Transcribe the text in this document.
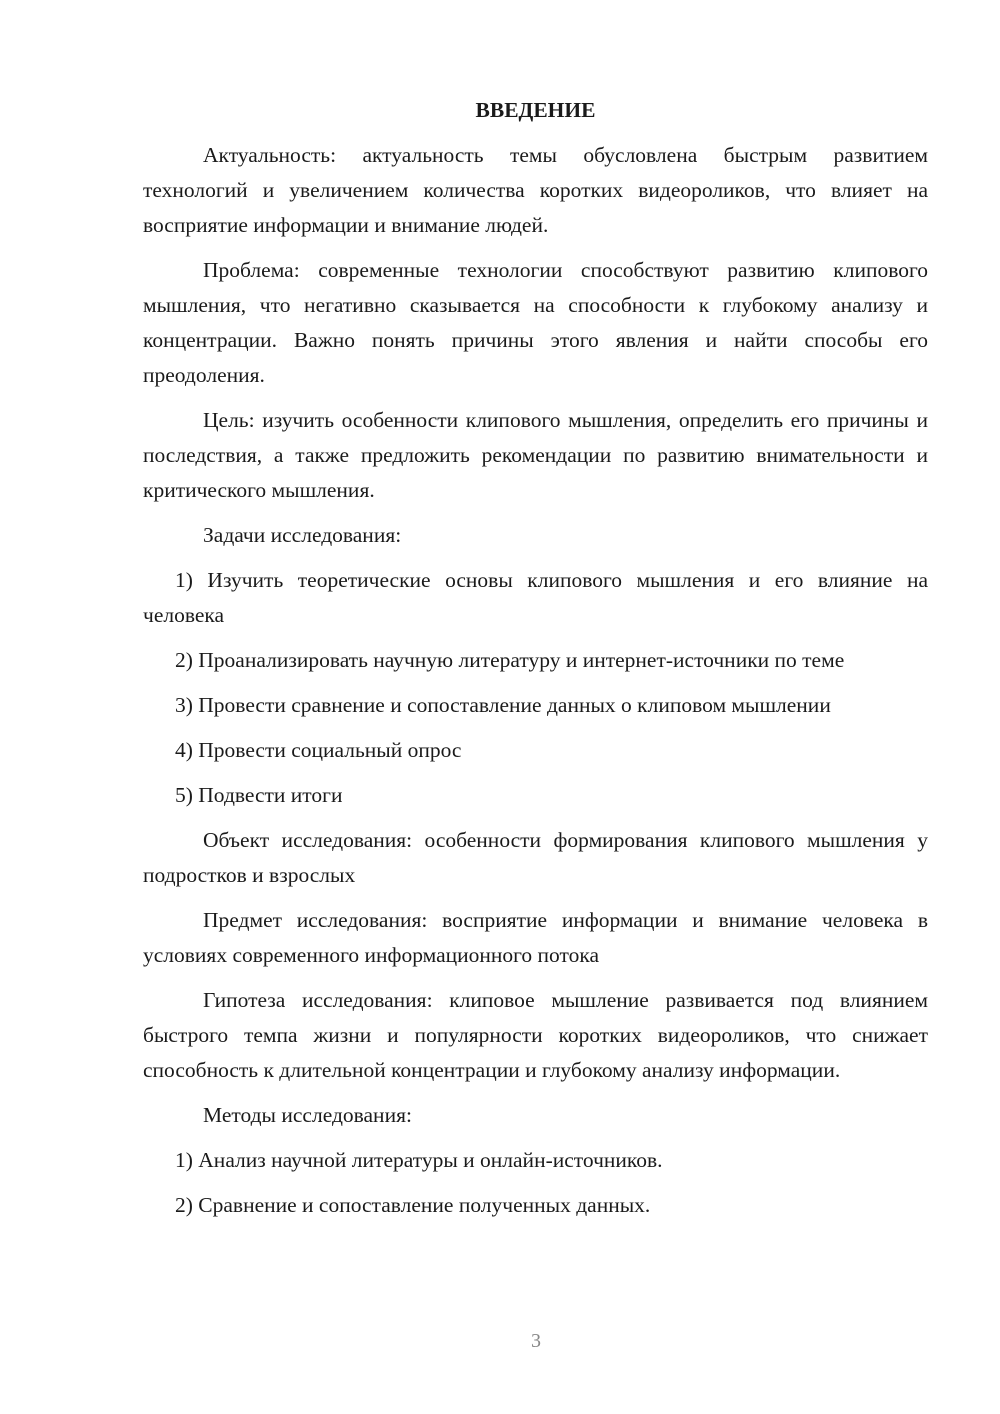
ВВЕДЕНИЕ

Актуальность: актуальность темы обусловлена быстрым развитием технологий и увеличением количества коротких видеороликов, что влияет на восприятие информации и внимание людей.

Проблема: современные технологии способствуют развитию клипового мышления, что негативно сказывается на способности к глубокому анализу и концентрации. Важно понять причины этого явления и найти способы его преодоления.

Цель: изучить особенности клипового мышления, определить его причины и последствия, а также предложить рекомендации по развитию внимательности и критического мышления.

Задачи исследования:

1) Изучить теоретические основы клипового мышления и его влияние на человека

2) Проанализировать научную литературу и интернет-источники по теме

3) Провести сравнение и сопоставление данных о клиповом мышлении

4) Провести социальный опрос

5) Подвести итоги

Объект исследования: особенности формирования клипового мышления у подростков и взрослых

Предмет исследования: восприятие информации и внимание человека в условиях современного информационного потока

Гипотеза исследования: клиповое мышление развивается под влиянием быстрого темпа жизни и популярности коротких видеороликов, что снижает способность к длительной концентрации и глубокому анализу информации.

Методы исследования:

1) Анализ научной литературы и онлайн-источников.

2) Сравнение и сопоставление полученных данных.

3
